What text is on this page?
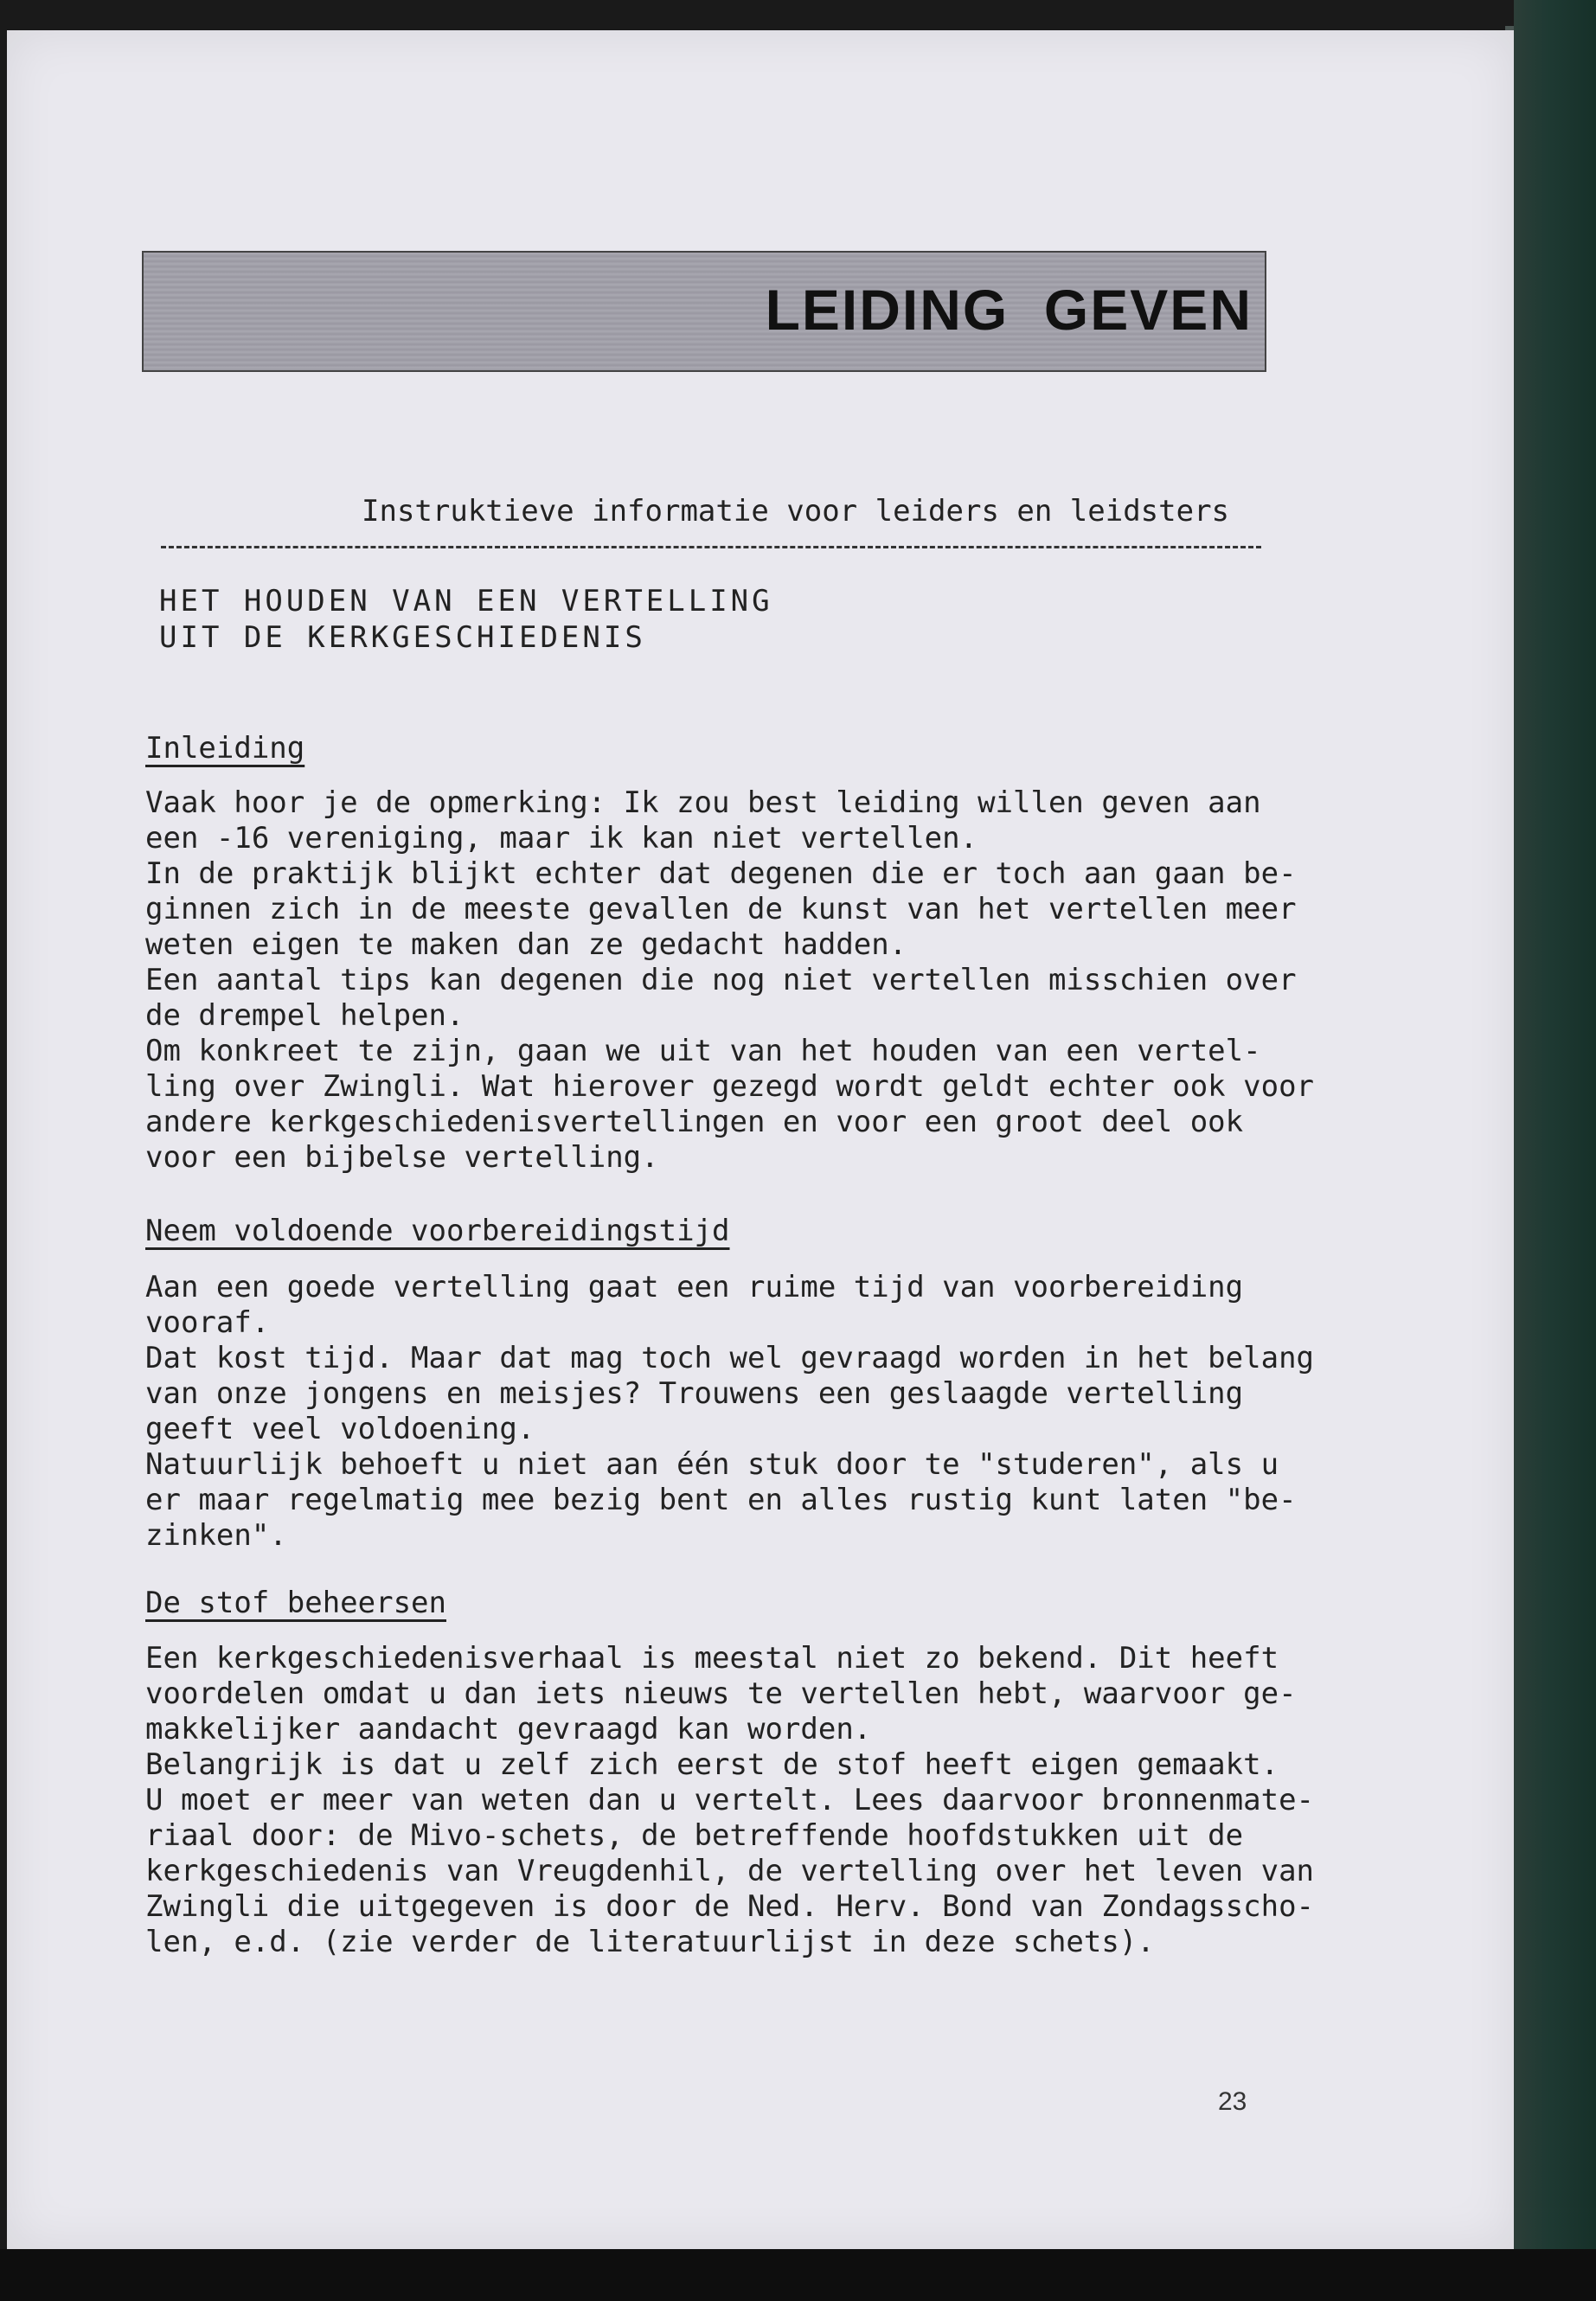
LEIDING  GEVEN
Instruktieve informatie voor leiders en leidsters
HET HOUDEN VAN EEN VERTELLING
UIT DE KERKGESCHIEDENIS
Inleiding
Vaak hoor je de opmerking: Ik zou best leiding willen geven aan
een -16 vereniging, maar ik kan niet vertellen.
In de praktijk blijkt echter dat degenen die er toch aan gaan be-
ginnen zich in de meeste gevallen de kunst van het vertellen meer
weten eigen te maken dan ze gedacht hadden.
Een aantal tips kan degenen die nog niet vertellen misschien over
de drempel helpen.
Om konkreet te zijn, gaan we uit van het houden van een vertel-
ling over Zwingli. Wat hierover gezegd wordt geldt echter ook voor
andere kerkgeschiedenisvertellingen en voor een groot deel ook
voor een bijbelse vertelling.
Neem voldoende voorbereidingstijd
Aan een goede vertelling gaat een ruime tijd van voorbereiding
vooraf.
Dat kost tijd. Maar dat mag toch wel gevraagd worden in het belang
van onze jongens en meisjes? Trouwens een geslaagde vertelling
geeft veel voldoening.
Natuurlijk behoeft u niet aan één stuk door te "studeren", als u
er maar regelmatig mee bezig bent en alles rustig kunt laten "be-
zinken".
De stof beheersen
Een kerkgeschiedenisverhaal is meestal niet zo bekend. Dit heeft
voordelen omdat u dan iets nieuws te vertellen hebt, waarvoor ge-
makkelijker aandacht gevraagd kan worden.
Belangrijk is dat u zelf zich eerst de stof heeft eigen gemaakt.
U moet er meer van weten dan u vertelt. Lees daarvoor bronnenmate-
riaal door: de Mivo-schets, de betreffende hoofdstukken uit de
kerkgeschiedenis van Vreugdenhil, de vertelling over het leven van
Zwingli die uitgegeven is door de Ned. Herv. Bond van Zondagsscho-
len, e.d. (zie verder de literatuurlijst in deze schets).
23
